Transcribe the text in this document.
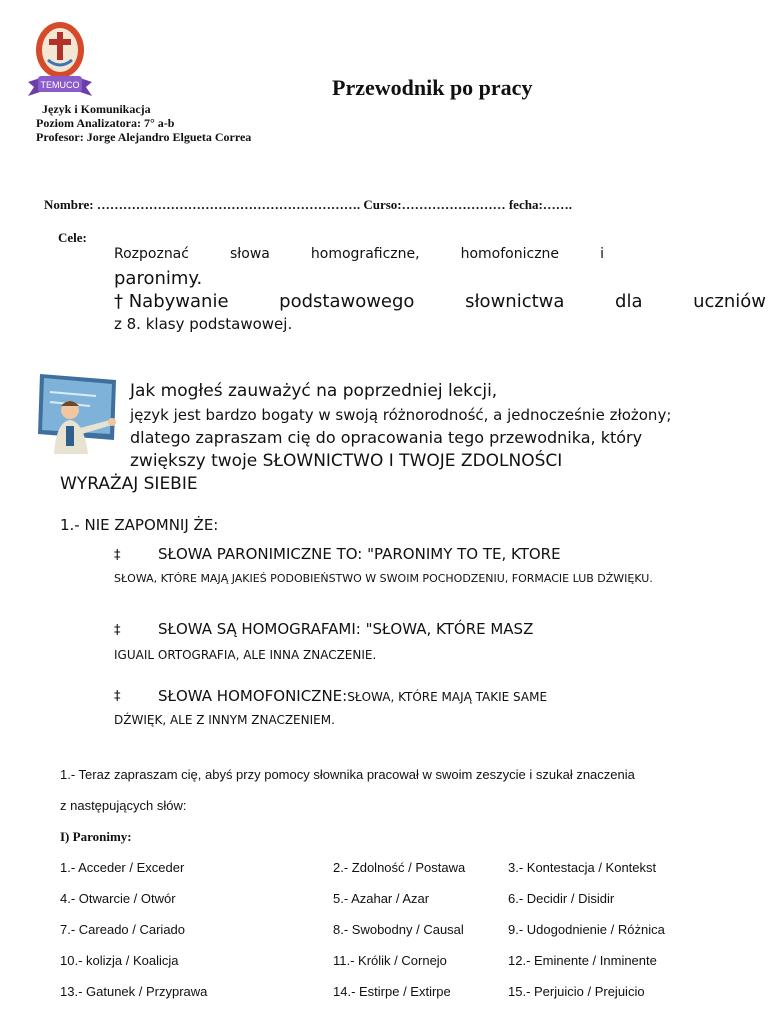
TEMUCO
Język i Komunikacja
Poziom Analizatora: 7° a-b
Profesor: Jorge Alejandro Elgueta Correa
Przewodnik po pracy
Nombre: ……………………………………………………. Curso:…………………… fecha:…….
Cele:
Rozpoznać	słowa	homograficzne,	homofoniczne	i
paronimy.
† Nabywanie	podstawowego	słownictwa	dla	uczniów
z 8. klasy podstawowej.
Jak mogłeś zauważyć na poprzedniej lekcji,
język jest bardzo bogaty w swoją różnorodność, a jednocześnie złożony;
dlatego zapraszam cię do opracowania tego przewodnika, który
zwiększy twoje SŁOWNICTWO I TWOJE ZDOLNOŚCI
WYRAŻAJ SIEBIE
1.- NIE ZAPOMNIJ ŻE:
‡	SŁOWA PARONIMICZNE TO: "PARONIMY TO TE, KTORE
SŁOWA, KTÓRE MAJĄ JAKIEŚ PODOBIEŃSTWO W SWOIM POCHODZENIU, FORMACIE LUB DŹWIĘKU.
‡	SŁOWA SĄ HOMOGRAFAMI: "SŁOWA, KTÓRE MASZ
IGUAIL ORTOGRAFIA, ALE INNA ZNACZENIE.
‡	SŁOWA HOMOFONICZNE:SŁOWA, KTÓRE MAJĄ TAKIE SAME
DŹWIĘK, ALE Z INNYM ZNACZENIEM.
1.- Teraz zapraszam cię, abyś przy pomocy słownika pracował w swoim zeszycie i szukał znaczenia
z następujących słów:
I) Paronimy:
1.- Acceder / Exceder	2.- Zdolność / Postawa	3.- Kontestacja / Kontekst
4.- Otwarcie / Otwór	5.- Azahar / Azar	6.- Decidir / Disidir
7.- Careado / Cariado	8.- Swobodny / Causal	9.- Udogodnienie / Różnica
10.- kolizja / Koalicja	11.- Królik / Cornejo	12.- Eminente / Inminente
13.- Gatunek / Przyprawa	14.- Estirpe / Extirpe	15.- Perjuicio / Prejuicio
